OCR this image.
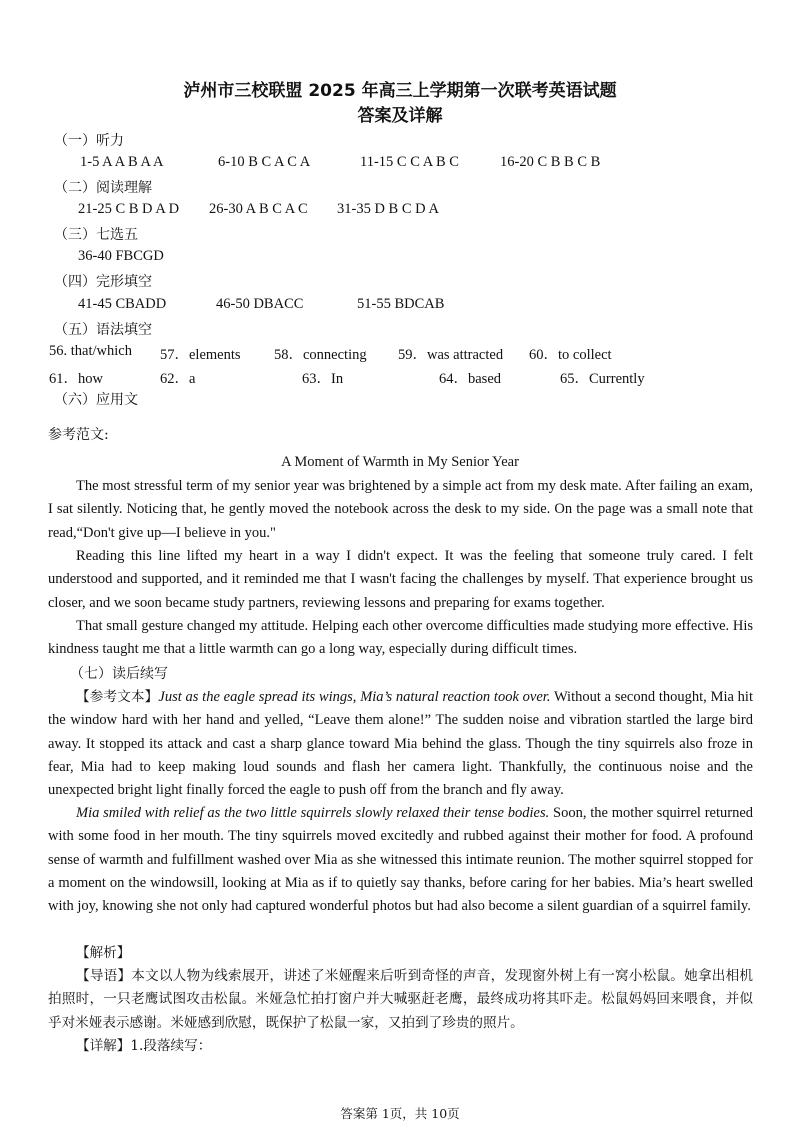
泸州市三校联盟 2025 年高三上学期第一次联考英语试题
答案及详解
（一）听力
1-5 A A B A A	6-10 B C A C A	11-15 C C A B C	16-20 C B B C B
（二）阅读理解
21-25 C B D A D 26-30 A B C A C 31-35 D B C D A
（三）七选五
36-40 FBCGD
（四）完形填空
41-45 CBADD	46-50 DBACC	51-55 BDCAB
（五）语法填空
56. that/which 57．elements 58．connecting 59．was attracted 60．to collect
61．how	62．a	63．In	64．based	65．Currently
（六）应用文
参考范文:
A Moment of Warmth in My Senior Year

The most stressful term of my senior year was brightened by a simple act from my desk mate. After failing an exam, I sat silently. Noticing that, he gently moved the notebook across the desk to my side. On the page was a small note that read,“Don't give up—I believe in you."

Reading this line lifted my heart in a way I didn't expect. It was the feeling that someone truly cared. I felt understood and supported, and it reminded me that I wasn't facing the challenges by myself. That experience brought us closer, and we soon became study partners, reviewing lessons and preparing for exams together.

That small gesture changed my attitude. Helping each other overcome difficulties made studying more effective. His kindness taught me that a little warmth can go a long way, especially during difficult times.

（七）读后续写

【参考文本】Just as the eagle spread its wings, Mia’s natural reaction took over. Without a second thought, Mia hit the window hard with her hand and yelled, “Leave them alone!” The sudden noise and vibration startled the large bird away. It stopped its attack and cast a sharp glance toward Mia behind the glass. Though the tiny squirrels also froze in fear, Mia had to keep making loud sounds and flash her camera light. Thankfully, the continuous noise and the unexpected bright light finally forced the eagle to push off from the branch and fly away.

Mia smiled with relief as the two little squirrels slowly relaxed their tense bodies. Soon, the mother squirrel returned with some food in her mouth. The tiny squirrels moved excitedly and rubbed against their mother for food. A profound sense of warmth and fulfillment washed over Mia as she witnessed this intimate reunion. The mother squirrel stopped for a moment on the windowsill, looking at Mia as if to quietly say thanks, before caring for her babies. Mia’s heart swelled with joy, knowing she not only had captured wonderful photos but had also become a silent guardian of a squirrel family.

【解析】

【导语】本文以人物为线索展开，讲述了米娅醒来后听到奇怪的声音，发现窗外树上有一窝小松鼠。她拿出相机拍照时，一只老鹰试图攻击松鼠。米娅急忙拍打窗户并大喊驱赶老鹰，最终成功将其吓走。松鼠妈妈回来喂食，并似乎对米娅表示感谢。米娅感到欣慰，既保护了松鼠一家，又拍到了珍贵的照片。

【详解】1.段落续写：
答案第 1页，共 10页
